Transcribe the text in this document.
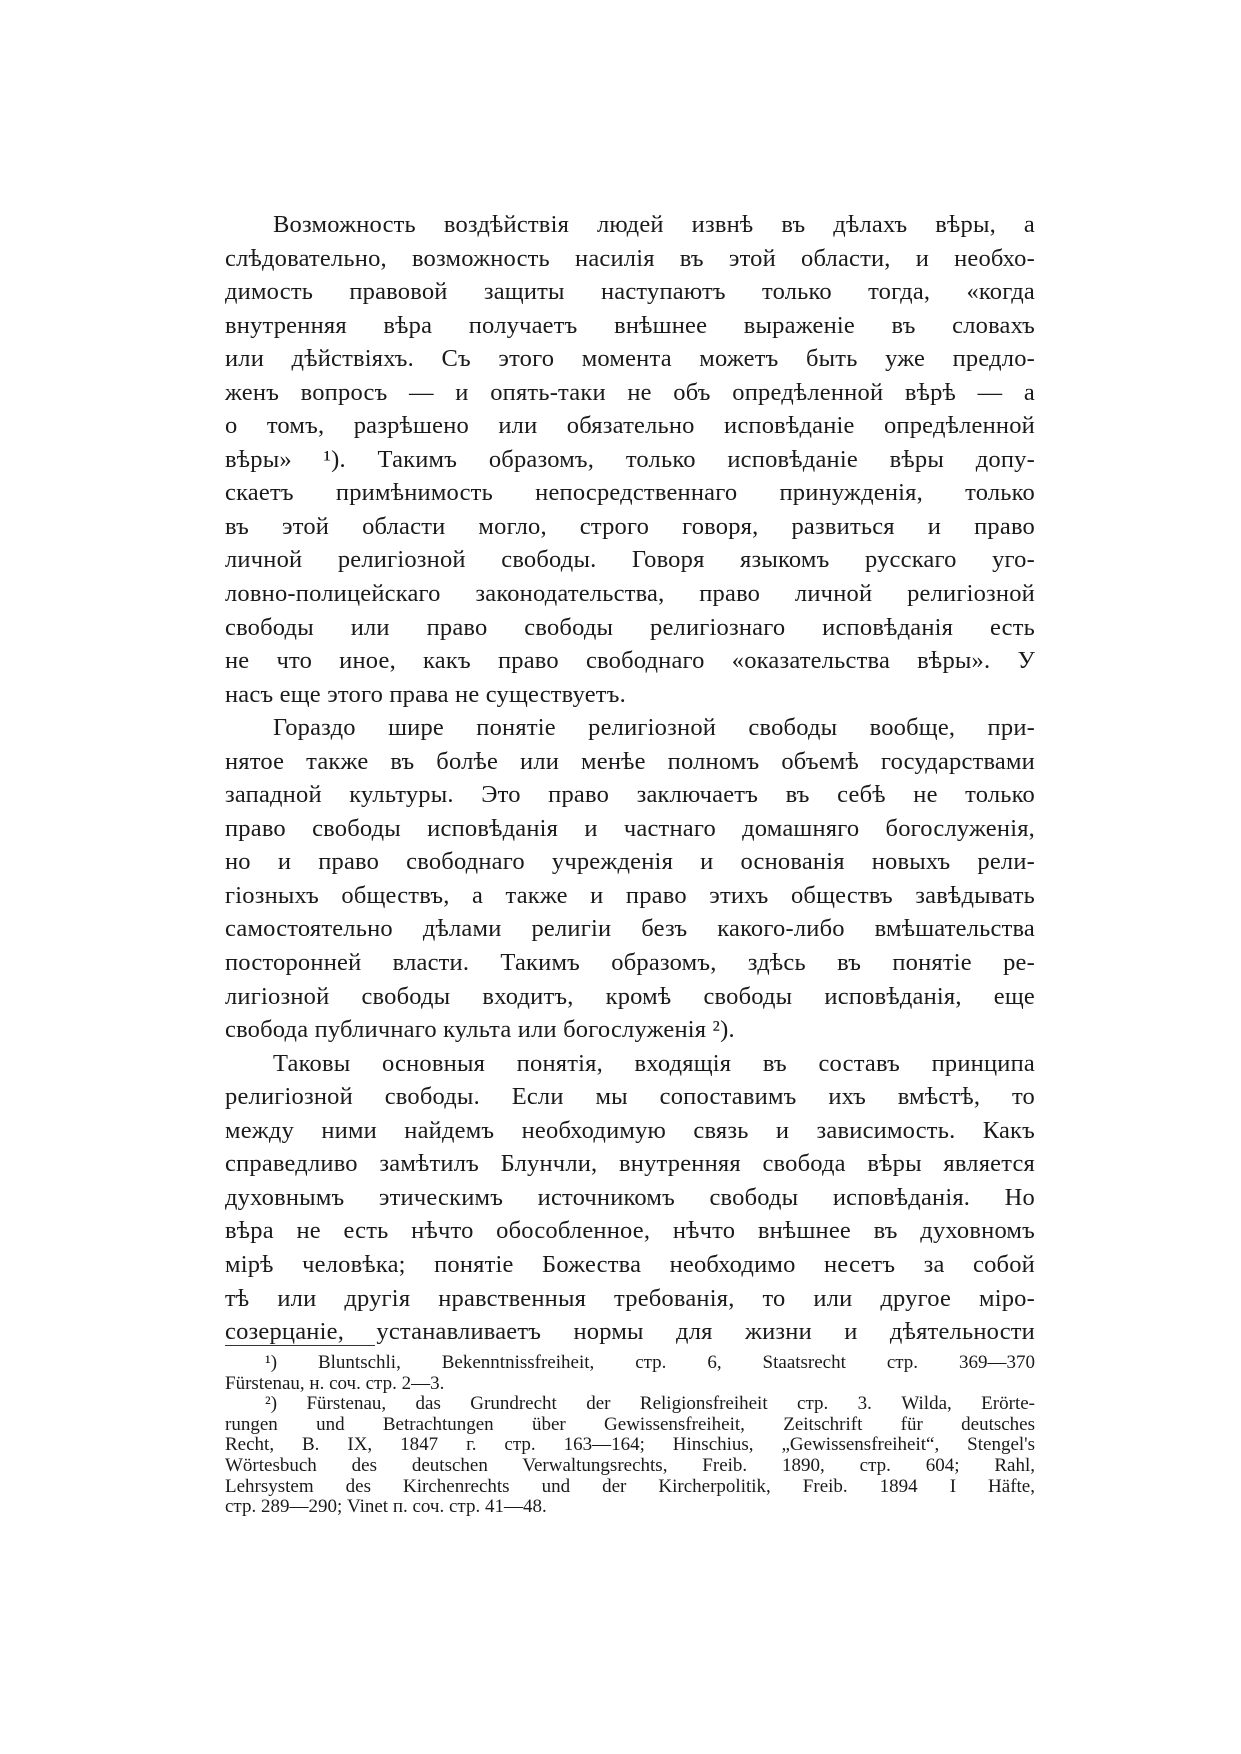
Возможность воздѣйствія людей извнѣ въ дѣлахъ вѣры, а
слѣдовательно, возможность насилія въ этой области, и необхо-
димость правовой защиты наступаютъ только тогда, «когда
внутренняя вѣра получаетъ внѣшнее выраженіе въ словахъ
или дѣйствіяхъ. Съ этого момента можетъ быть уже предло-
женъ вопросъ — и опять-таки не объ опредѣленной вѣрѣ — а
о томъ, разрѣшено или обязательно исповѣданіе опредѣленной
вѣры» ¹). Такимъ образомъ, только исповѣданіе вѣры допу-
скаетъ примѣнимость непосредственнаго принужденія, только
въ этой области могло, строго говоря, развиться и право
личной религіозной свободы. Говоря языкомъ русскаго уго-
ловно-полицейскаго законодательства, право личной религіозной
свободы или право свободы религіознаго исповѣданія есть
не что иное, какъ право свободнаго «оказательства вѣры». У
насъ еще этого права не существуетъ.
Гораздо шире понятіе религіозной свободы вообще, при-
нятое также въ болѣе или менѣе полномъ объемѣ государствами
западной культуры. Это право заключаетъ въ себѣ не только
право свободы исповѣданія и частнаго домашняго богослуженія,
но и право свободнаго учрежденія и основанія новыхъ рели-
гіозныхъ обществъ, а также и право этихъ обществъ завѣдывать
самостоятельно дѣлами религіи безъ какого-либо вмѣшательства
посторонней власти. Такимъ образомъ, здѣсь въ понятіе ре-
лигіозной свободы входитъ, кромѣ свободы исповѣданія, еще
свобода публичнаго культа или богослуженія ²).
Таковы основныя понятія, входящія въ составъ принципа
религіозной свободы. Если мы сопоставимъ ихъ вмѣстѣ, то
между ними найдемъ необходимую связь и зависимость. Какъ
справедливо замѣтилъ Блунчли, внутренняя свобода вѣры является
духовнымъ этическимъ источникомъ свободы исповѣданія. Но
вѣра не есть нѣчто обособленное, нѣчто внѣшнее въ духовномъ
мірѣ человѣка; понятіе Божества необходимо несетъ за собой
тѣ или другія нравственныя требованія, то или другое міро-
созерцаніе, устанавливаетъ нормы для жизни и дѣятельности
¹) Bluntschli, Bekenntnissfreiheit, стр. 6, Staatsrecht стр. 369—370
Fürstenau, н. соч. стр. 2—3.
²) Fürstenau, das Grundrecht der Religionsfreiheit стр. 3. Wilda, Erörte-
rungen und Betrachtungen über Gewissensfreiheit, Zeitschrift für deutsches
Recht, B. IX, 1847 г. стр. 163—164; Hinschius, „Gewissensfreiheit“, Stengel's
Wörtesbuch des deutschen Verwaltungsrechts, Freib. 1890, стр. 604; Rahl,
Lehrsystem des Kirchenrechts und der Kircherpolitik, Freib. 1894 I Häfte,
стр. 289—290; Vinet п. соч. стр. 41—48.
